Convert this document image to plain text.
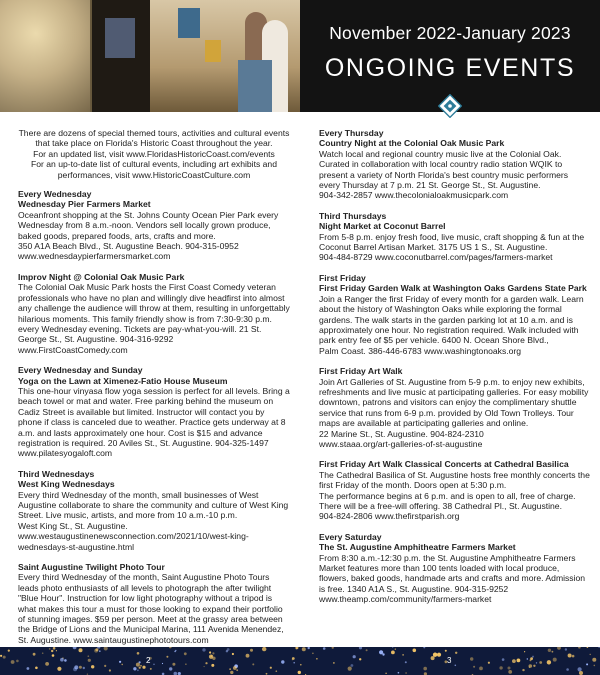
November 2022-January 2023
ONGOING EVENTS
There are dozens of special themed tours, activities and cultural events that take place on Florida's Historic Coast throughout the year.
For an updated list, visit www.FloridasHistoricCoast.com/events
For an up-to-date list of cultural events, including art exhibits and performances, visit www.HistoricCoastCulture.com
Every Wednesday
Wednesday Pier Farmers Market

Oceanfront shopping at the St. Johns County Ocean Pier Park every Wednesday from 8 a.m.-noon. Vendors sell locally grown produce, baked goods, prepared foods, arts, crafts and more.

350 A1A Beach Blvd., St. Augustine Beach. 904-315-0952

www.wednesdaypierfarmersmarket.com

Improv Night @ Colonial Oak Music Park

The Colonial Oak Music Park hosts the First Coast Comedy veteran professionals who have no plan and willingly dive headfirst into almost any challenge the audience will throw at them, resulting in unforgettably hilarious moments. This family friendly show is from 7:30-9:30 p.m. every Wednesday evening. Tickets are pay-what-you-will. 21 St. George St., St. Augustine. 904-316-9292

www.FirstCoastComedy.com

Every Wednesday and Sunday
Yoga on the Lawn at Ximenez-Fatio House Museum

This one-hour vinyasa flow yoga session is perfect for all levels. Bring a beach towel or mat and water. Free parking behind the museum on Cadiz Street is available but limited. Instructor will contact you by phone if class is canceled due to weather. Practice gets underway at 8 a.m. and lasts approximately one hour. Cost is $15 and advance registration is required. 20 Aviles St., St. Augustine. 904-325-1497

www.pilatesyogaloft.com

Third Wednesdays
West King Wednesdays

Every third Wednesday of the month, small businesses of West Augustine collaborate to share the community and culture of West King Street. Live music, artists, and more from 10 a.m.-10 p.m.

West King St., St. Augustine. www.westaugustinenewsconnection.com/2021/10/west-king-wednesdays-st-augustine.html

Saint Augustine Twilight Photo Tour

Every third Wednesday of the month, Saint Augustine Photo Tours leads photo enthusiasts of all levels to photograph the after twilight "Blue Hour". Instruction for low light photography without a tripod is what makes this tour a must for those looking to expand their portfolio of stunning images. $59 per person. Meet at the grassy area between the Bridge of Lions and the Municipal Marina, 111 Avenida Menendez, St. Augustine. www.saintaugustinephototours.com

Every Thursday
Country Night at the Colonial Oak Music Park

Watch local and regional country music live at the Colonial Oak. Curated in collaboration with local country radio station WQIK to present a variety of North Florida's best country music performers every Thursday at 7 p.m. 21 St. George St., St. Augustine.

904-342-2857 www.thecolonialoakmusicpark.com

Third Thursdays
Night Market at Coconut Barrel

From 5-8 p.m. enjoy fresh food, live music, craft shopping & fun at the Coconut Barrel Artisan Market. 3175 US 1 S., St. Augustine.

904-484-8729 www.coconutbarrel.com/pages/farmers-market

First Friday
First Friday Garden Walk at Washington Oaks Gardens State Park

Join a Ranger the first Friday of every month for a garden walk. Learn about the history of Washington Oaks while exploring the formal gardens. The walk starts in the garden parking lot at 10 a.m. and is approximately one hour. No registration required. Walk included with park entry fee of $5 per vehicle. 6400 N. Ocean Shore Blvd.,

Palm Coast. 386-446-6783 www.washingtonoaks.org

First Friday Art Walk

Join Art Galleries of St. Augustine from 5-9 p.m. to enjoy new exhibits, refreshments and live music at participating galleries. For easy mobility downtown, patrons and visitors can enjoy the complimentary shuttle service that runs from 6-9 p.m. provided by Old Town Trolleys. Tour maps are available at participating galleries and online.

22 Marine St., St. Augustine. 904-824-2310

www.staaa.org/art-galleries-of-st-augustine

First Friday Art Walk Classical Concerts at Cathedral Basilica

The Cathedral Basilica of St. Augustine hosts free monthly concerts the first Friday of the month. Doors open at 5:30 p.m.

The performance begins at 6 p.m. and is open to all, free of charge. There will be a free-will offering. 38 Cathedral Pl., St. Augustine.

904-824-2806 www.thefirstparish.org

Every Saturday
The St. Augustine Amphitheatre Farmers Market

From 8:30 a.m.-12:30 p.m. the St. Augustine Amphitheatre Farmers Market features more than 100 tents loaded with local produce, flowers, baked goods, handmade arts and crafts and more. Admission is free. 1340 A1A S., St. Augustine. 904-315-9252

www.theamp.com/community/farmers-market

2	3
